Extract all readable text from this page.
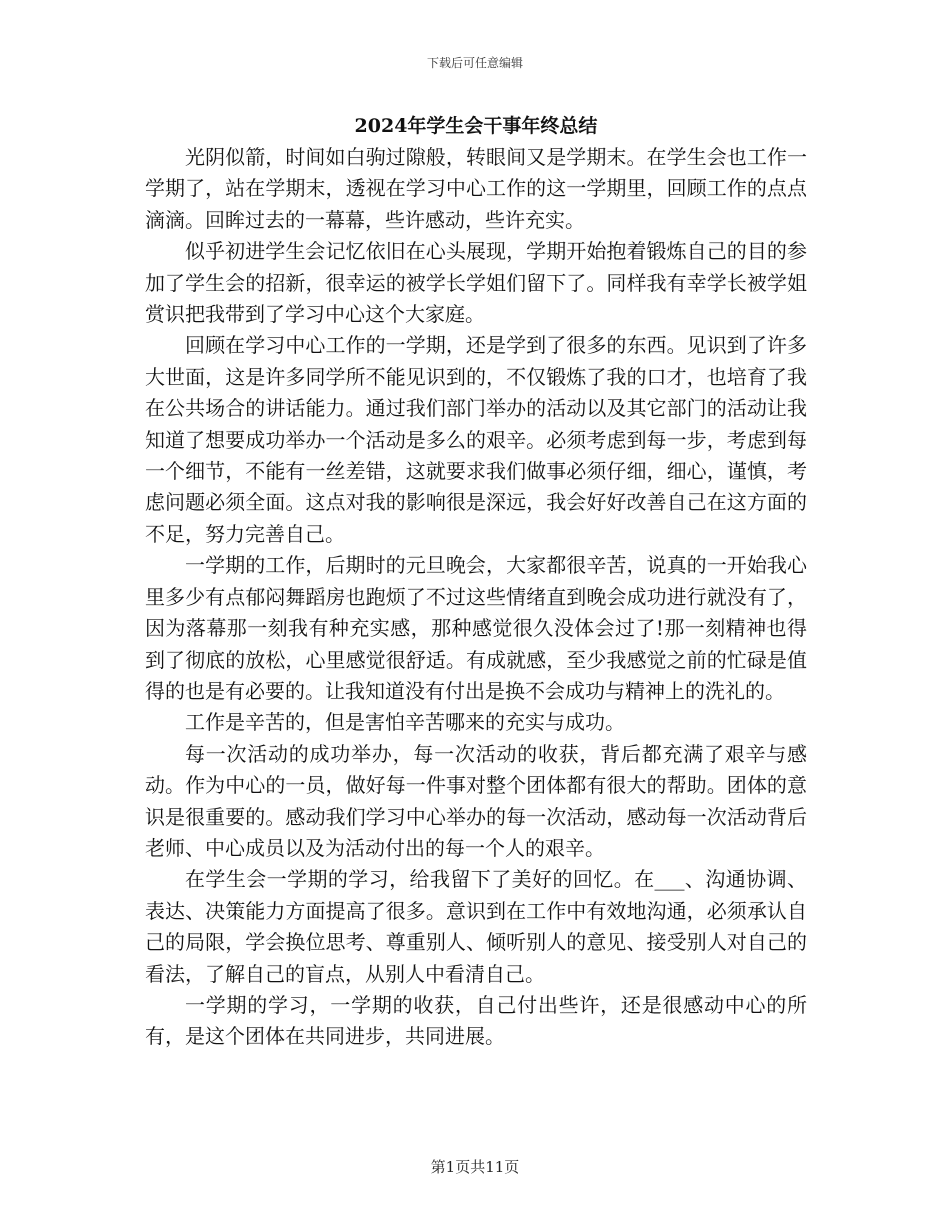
下载后可任意编辑
2024年学生会干事年终总结

光阴似箭，时间如白驹过隙般，转眼间又是学期末。在学生会也工作一学期了，站在学期末，透视在学习中心工作的这一学期里，回顾工作的点点滴滴。回眸过去的一幕幕，些许感动，些许充实。

似乎初进学生会记忆依旧在心头展现，学期开始抱着锻炼自己的目的参加了学生会的招新，很幸运的被学长学姐们留下了。同样我有幸学长被学姐赏识把我带到了学习中心这个大家庭。

回顾在学习中心工作的一学期，还是学到了很多的东西。见识到了许多大世面，这是许多同学所不能见识到的，不仅锻炼了我的口才，也培育了我在公共场合的讲话能力。通过我们部门举办的活动以及其它部门的活动让我知道了想要成功举办一个活动是多么的艰辛。必须考虑到每一步，考虑到每一个细节，不能有一丝差错，这就要求我们做事必须仔细，细心，谨慎，考虑问题必须全面。这点对我的影响很是深远，我会好好改善自己在这方面的不足，努力完善自己。

一学期的工作，后期时的元旦晚会，大家都很辛苦，说真的一开始我心里多少有点郁闷舞蹈房也跑烦了不过这些情绪直到晚会成功进行就没有了，因为落幕那一刻我有种充实感，那种感觉很久没体会过了!那一刻精神也得到了彻底的放松，心里感觉很舒适。有成就感，至少我感觉之前的忙碌是值得的也是有必要的。让我知道没有付出是换不会成功与精神上的洗礼的。

工作是辛苦的，但是害怕辛苦哪来的充实与成功。

每一次活动的成功举办，每一次活动的收获，背后都充满了艰辛与感动。作为中心的一员，做好每一件事对整个团体都有很大的帮助。团体的意识是很重要的。感动我们学习中心举办的每一次活动，感动每一次活动背后老师、中心成员以及为活动付出的每一个人的艰辛。

在学生会一学期的学习，给我留下了美好的回忆。在___、沟通协调、表达、决策能力方面提高了很多。意识到在工作中有效地沟通，必须承认自己的局限，学会换位思考、尊重别人、倾听别人的意见、接受别人对自己的看法，了解自己的盲点，从别人中看清自己。

一学期的学习，一学期的收获，自己付出些许，还是很感动中心的所有，是这个团体在共同进步，共同进展。

第1页共11页
